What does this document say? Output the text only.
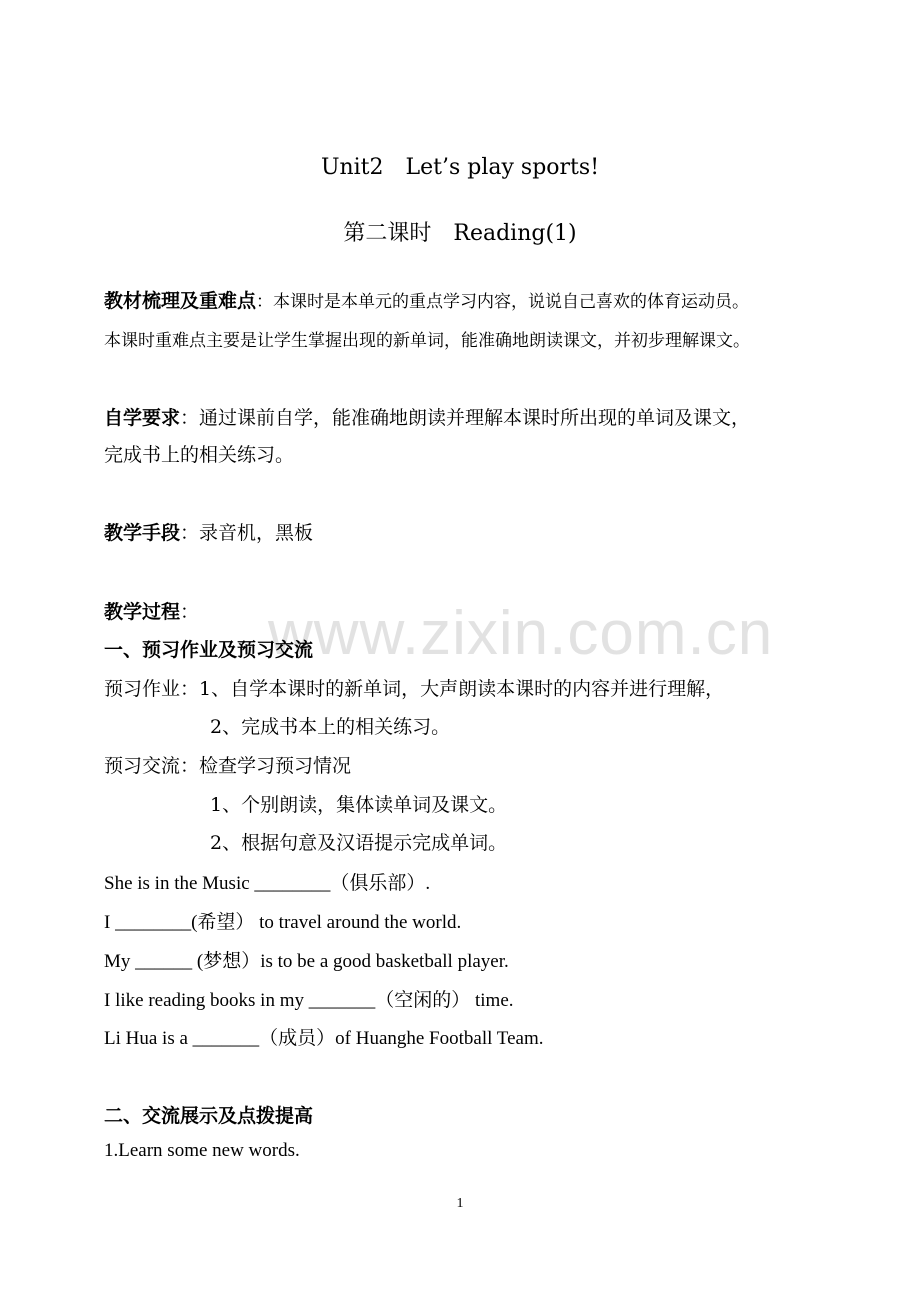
www.zixin.com.cn
Unit2　Let’s play sports!
第二课时　Reading(1)
教材梳理及重难点：本课时是本单元的重点学习内容，说说自己喜欢的体育运动员。
本课时重难点主要是让学生掌握出现的新单词，能准确地朗读课文，并初步理解课文。
自学要求：通过课前自学，能准确地朗读并理解本课时所出现的单词及课文，
完成书上的相关练习。
教学手段：录音机，黑板
教学过程：
一、预习作业及预习交流
预习作业：1、自学本课时的新单词，大声朗读本课时的内容并进行理解，
2、完成书本上的相关练习。
预习交流：检查学习预习情况
1、个别朗读，集体读单词及课文。
2、根据句意及汉语提示完成单词。
She is in the Music ________（俱乐部）.
I ________(希望） to travel around the world.
My ______ (梦想）is to be a good basketball player.
I like reading books in my _______（空闲的） time.
Li Hua is a _______（成员）of Huanghe Football Team.
二、交流展示及点拨提高
1.Learn some new words.
1
